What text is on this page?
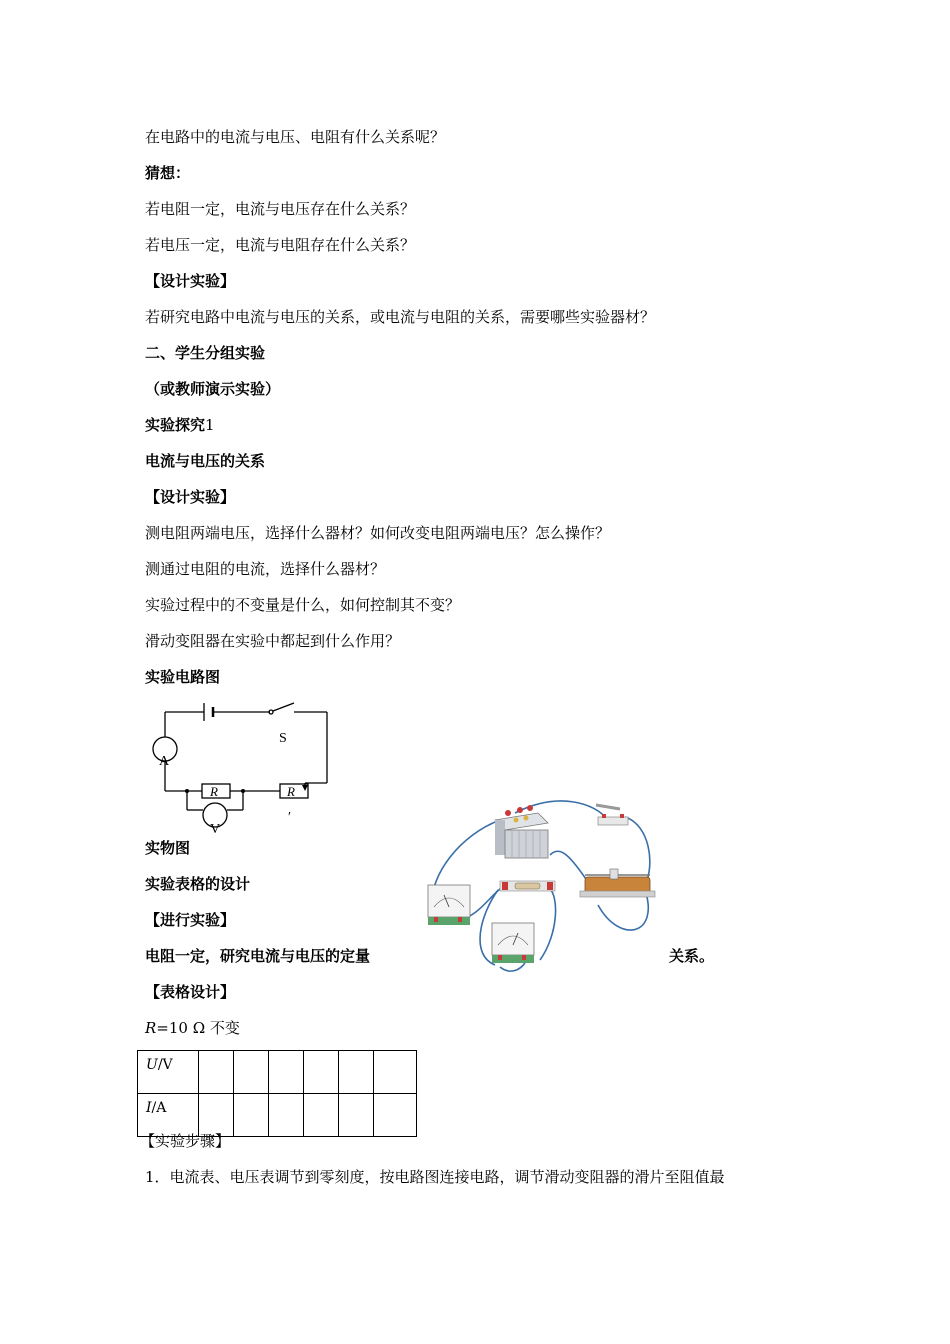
在电路中的电流与电压、电阻有什么关系呢？
猜想：
若电阻一定，电流与电压存在什么关系？
若电压一定，电流与电阻存在什么关系？
【设计实验】
若研究电路中电流与电压的关系，或电流与电阻的关系，需要哪些实验器材？
二、学生分组实验
（或教师演示实验）
实验探究1
电流与电压的关系
【设计实验】
测电阻两端电压，选择什么器材？如何改变电阻两端电压？怎么操作？
测通过电阻的电流，选择什么器材？
实验过程中的不变量是什么，如何控制其不变？
滑动变阻器在实验中都起到什么作用？
实验电路图
S
A
R	R
′
V
实物图
实验表格的设计
【进行实验】
电阻一定，研究电流与电压的定量	关系。
【表格设计】
R=10 Ω 不变
U/V						
I/A						
【实验步骤】
1．电流表、电压表调节到零刻度，按电路图连接电路，调节滑动变阻器的滑片至阻值最
